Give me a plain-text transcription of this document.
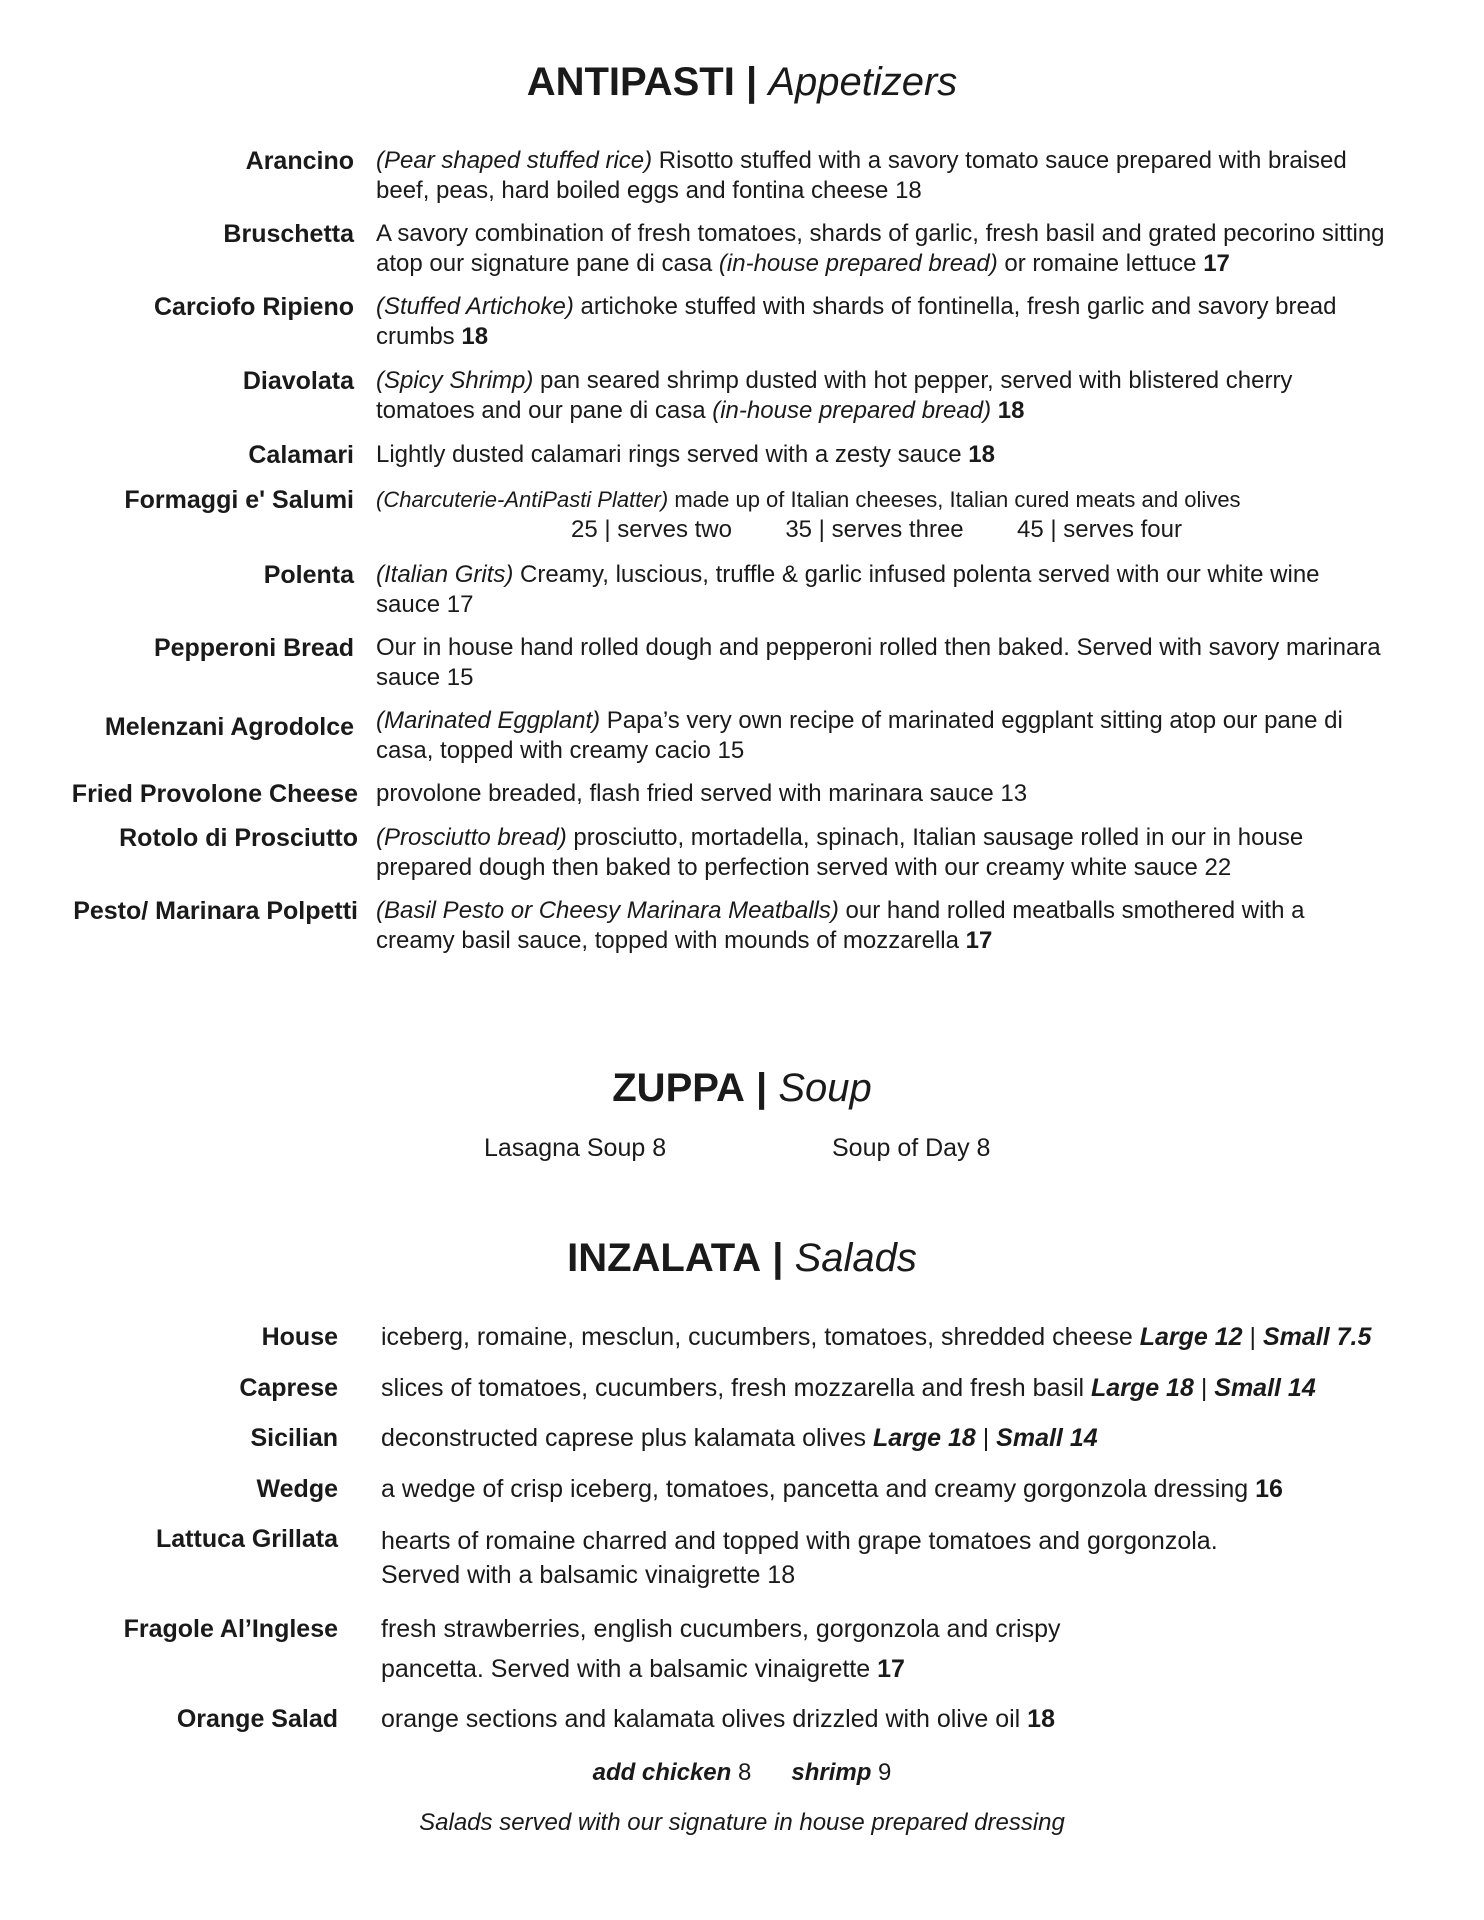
ANTIPASTI | Appetizers
Arancino (Pear shaped stuffed rice) Risotto stuffed with a savory tomato sauce prepared with braised beef, peas, hard boiled eggs and fontina cheese 18
Bruschetta A savory combination of fresh tomatoes, shards of garlic, fresh basil and grated pecorino sitting atop our signature pane di casa (in-house prepared bread) or romaine lettuce 17
Carciofo Ripieno (Stuffed Artichoke) artichoke stuffed with shards of fontinella, fresh garlic and savory bread crumbs 18
Diavolata (Spicy Shrimp) pan seared shrimp dusted with hot pepper, served with blistered cherry tomatoes and our pane di casa (in-house prepared bread) 18
Calamari Lightly dusted calamari rings served with a zesty sauce 18
Formaggi e' Salumi (Charcuterie-AntiPasti Platter) made up of Italian cheeses, Italian cured meats and olives
25 | serves two 35 | serves three 45 | serves four
Polenta (Italian Grits) Creamy, luscious, truffle & garlic infused polenta served with our white wine sauce 17
Pepperoni Bread Our in house hand rolled dough and pepperoni rolled then baked. Served with savory marinara sauce 15
Melenzani Agrodolce (Marinated Eggplant) Papa’s very own recipe of marinated eggplant sitting atop our pane di casa, topped with creamy cacio 15
Fried Provolone Cheese provolone breaded, flash fried served with marinara sauce 13
Rotolo di Prosciutto (Prosciutto bread) prosciutto, mortadella, spinach, Italian sausage rolled in our in house prepared dough then baked to perfection served with our creamy white sauce 22
Pesto/ Marinara Polpetti (Basil Pesto or Cheesy Marinara Meatballs) our hand rolled meatballs smothered with a creamy basil sauce, topped with mounds of mozzarella 17
ZUPPA | Soup
Lasagna Soup 8	Soup of Day 8
INZALATA | Salads
House iceberg, romaine, mesclun, cucumbers, tomatoes, shredded cheese Large 12 | Small 7.5
Caprese slices of tomatoes, cucumbers, fresh mozzarella and fresh basil Large 18 | Small 14
Sicilian deconstructed caprese plus kalamata olives Large 18 | Small 14
Wedge a wedge of crisp iceberg, tomatoes, pancetta and creamy gorgonzola dressing 16
Lattuca Grillata hearts of romaine charred and topped with grape tomatoes and gorgonzola.
Served with a balsamic vinaigrette 18
Fragole Al’Inglese fresh strawberries, english cucumbers, gorgonzola and crispy
pancetta. Served with a balsamic vinaigrette 17
Orange Salad orange sections and kalamata olives drizzled with olive oil 18
add chicken 8 shrimp 9
Salads served with our signature in house prepared dressing
